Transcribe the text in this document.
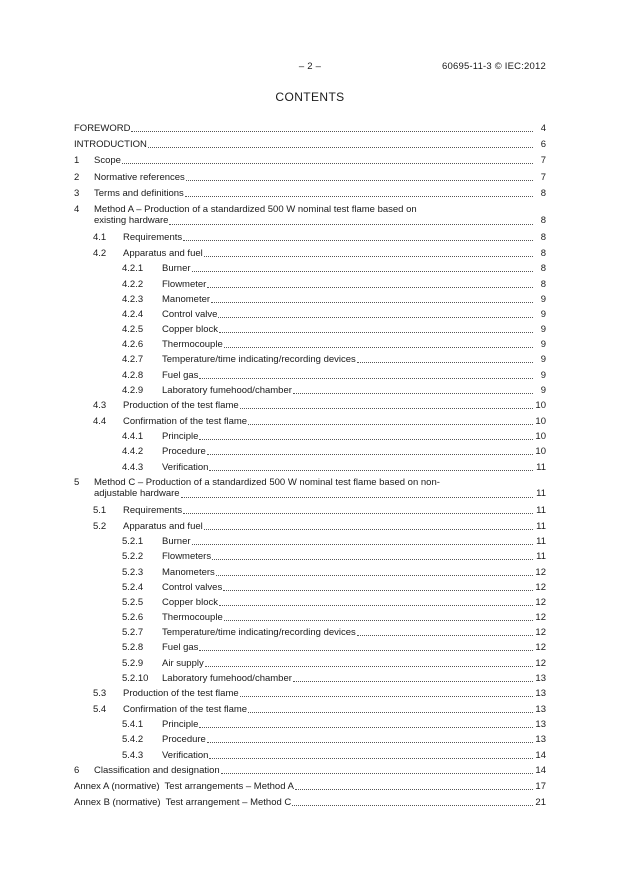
– 2 –	60695-11-3 © IEC:2012
CONTENTS
FOREWORD	4
INTRODUCTION	6
1	Scope	7
2	Normative references	7
3	Terms and definitions	8
4	Method A – Production of a standardized 500 W nominal test flame based on
existing hardware	8
4.1	Requirements	8
4.2	Apparatus and fuel	8
4.2.1	Burner	8
4.2.2	Flowmeter	8
4.2.3	Manometer	9
4.2.4	Control valve	9
4.2.5	Copper block	9
4.2.6	Thermocouple	9
4.2.7	Temperature/time indicating/recording devices	9
4.2.8	Fuel gas	9
4.2.9	Laboratory fumehood/chamber	9
4.3	Production of the test flame	10
4.4	Confirmation of the test flame	10
4.4.1	Principle	10
4.4.2	Procedure	10
4.4.3	Verification	11
5	Method C – Production of a standardized 500 W nominal test flame based on non-
adjustable hardware	11
5.1	Requirements	11
5.2	Apparatus and fuel	11
5.2.1	Burner	11
5.2.2	Flowmeters	11
5.2.3	Manometers	12
5.2.4	Control valves	12
5.2.5	Copper block	12
5.2.6	Thermocouple	12
5.2.7	Temperature/time indicating/recording devices	12
5.2.8	Fuel gas	12
5.2.9	Air supply	12
5.2.10	Laboratory fumehood/chamber	13
5.3	Production of the test flame	13
5.4	Confirmation of the test flame	13
5.4.1	Principle	13
5.4.2	Procedure	13
5.4.3	Verification	14
6	Classification and designation	14
Annex A (normative) Test arrangements – Method A	17
Annex B (normative) Test arrangement – Method C	21
